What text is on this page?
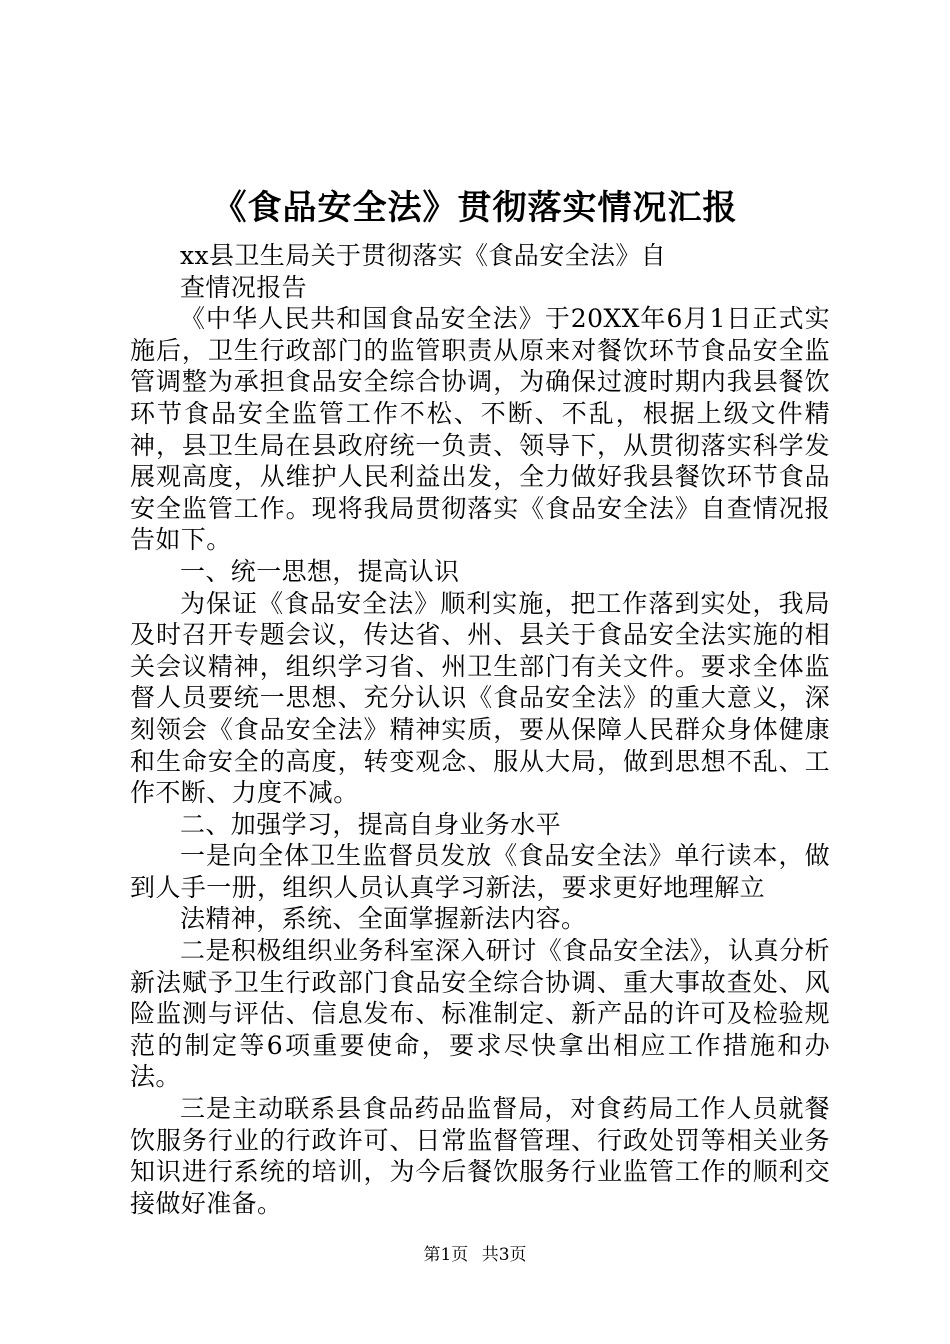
《食品安全法》贯彻落实情况汇报

xx县卫生局关于贯彻落实《食品安全法》自

查情况报告

《中华人民共和国食品安全法》于20XX年6月1日正式实施后，卫生行政部门的监管职责从原来对餐饮环节食品安全监管调整为承担食品安全综合协调，为确保过渡时期内我县餐饮环节食品安全监管工作不松、不断、不乱，根据上级文件精神，县卫生局在县政府统一负责、领导下，从贯彻落实科学发展观高度，从维护人民利益出发，全力做好我县餐饮环节食品安全监管工作。现将我局贯彻落实《食品安全法》自查情况报告如下。

一、统一思想，提高认识

为保证《食品安全法》顺利实施，把工作落到实处，我局及时召开专题会议，传达省、州、县关于食品安全法实施的相关会议精神，组织学习省、州卫生部门有关文件。要求全体监督人员要统一思想、充分认识《食品安全法》的重大意义，深刻领会《食品安全法》精神实质，要从保障人民群众身体健康和生命安全的高度，转变观念、服从大局，做到思想不乱、工作不断、力度不减。

二、加强学习，提高自身业务水平

一是向全体卫生监督员发放《食品安全法》单行读本，做到人手一册，组织人员认真学习新法，要求更好地理解立

法精神，系统、全面掌握新法内容。

二是积极组织业务科室深入研讨《食品安全法》，认真分析新法赋予卫生行政部门食品安全综合协调、重大事故查处、风险监测与评估、信息发布、标准制定、新产品的许可及检验规范的制定等6项重要使命，要求尽快拿出相应工作措施和办法。

三是主动联系县食品药品监督局，对食药局工作人员就餐饮服务行业的行政许可、日常监督管理、行政处罚等相关业务知识进行系统的培训，为今后餐饮服务行业监管工作的顺利交接做好准备。

第1页 共3页
